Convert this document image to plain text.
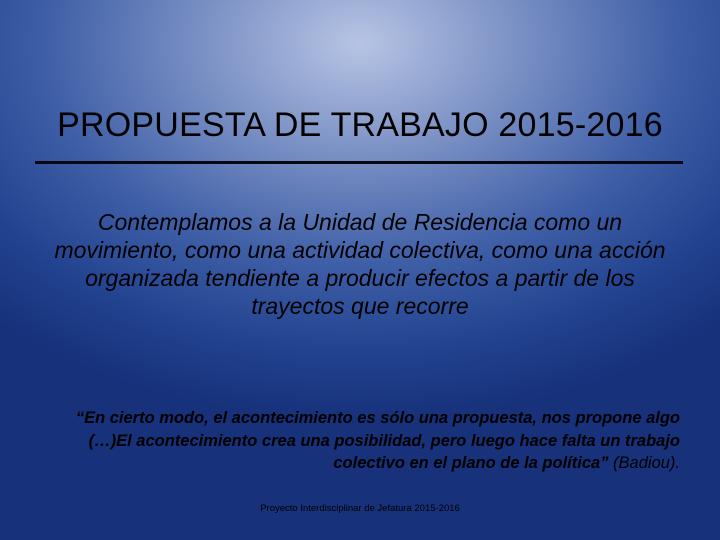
PROPUESTA DE TRABAJO 2015-2016
Contemplamos a la Unidad de Residencia como un movimiento, como una actividad colectiva, como una acción organizada tendiente a producir efectos a partir de los trayectos que recorre
“En cierto modo, el acontecimiento es sólo una propuesta, nos propone algo (…)El acontecimiento crea una posibilidad, pero luego hace falta un trabajo colectivo en el plano de la política” (Badiou).
Proyecto Interdisciplinar de Jefatura 2015-2016
